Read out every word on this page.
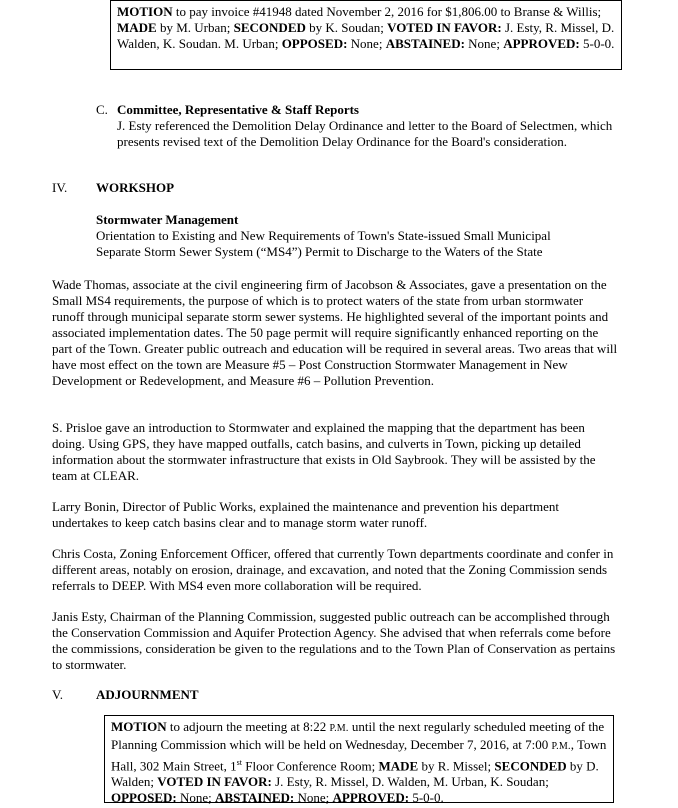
MOTION to pay invoice #41948 dated November 2, 2016 for $1,806.00 to Branse & Willis; MADE by M. Urban; SECONDED by K. Soudan; VOTED IN FAVOR: J. Esty, R. Missel, D. Walden, K. Soudan. M. Urban; OPPOSED: None; ABSTAINED: None; APPROVED: 5-0-0.

C. Committee, Representative & Staff Reports

J. Esty referenced the Demolition Delay Ordinance and letter to the Board of Selectmen, which presents revised text of the Demolition Delay Ordinance for the Board's consideration.

IV. WORKSHOP
Stormwater Management

Orientation to Existing and New Requirements of Town's State-issued Small Municipal Separate Storm Sewer System (“MS4”) Permit to Discharge to the Waters of the State

Wade Thomas, associate at the civil engineering firm of Jacobson & Associates, gave a presentation on the Small MS4 requirements, the purpose of which is to protect waters of the state from urban stormwater runoff through municipal separate storm sewer systems. He highlighted several of the important points and associated implementation dates. The 50 page permit will require significantly enhanced reporting on the part of the Town. Greater public outreach and education will be required in several areas. Two areas that will have most effect on the town are Measure #5 – Post Construction Stormwater Management in New Development or Redevelopment, and Measure #6 – Pollution Prevention.

S. Prisloe gave an introduction to Stormwater and explained the mapping that the department has been doing. Using GPS, they have mapped outfalls, catch basins, and culverts in Town, picking up detailed information about the stormwater infrastructure that exists in Old Saybrook. They will be assisted by the team at CLEAR.

Larry Bonin, Director of Public Works, explained the maintenance and prevention his department undertakes to keep catch basins clear and to manage storm water runoff.

Chris Costa, Zoning Enforcement Officer, offered that currently Town departments coordinate and confer in different areas, notably on erosion, drainage, and excavation, and noted that the Zoning Commission sends referrals to DEEP. With MS4 even more collaboration will be required.

Janis Esty, Chairman of the Planning Commission, suggested public outreach can be accomplished through the Conservation Commission and Aquifer Protection Agency. She advised that when referrals come before the commissions, consideration be given to the regulations and to the Town Plan of Conservation as pertains to stormwater.

V.	ADJOURNMENT

MOTION to adjourn the meeting at 8:22 P.M. until the next regularly scheduled meeting of the Planning Commission which will be held on Wednesday, December 7, 2016, at 7:00 P.M., Town Hall, 302 Main Street, 1st Floor Conference Room; MADE by R. Missel; SECONDED by D. Walden; VOTED IN FAVOR: J. Esty, R. Missel, D. Walden, M. Urban, K. Soudan; OPPOSED: None; ABSTAINED: None; APPROVED: 5-0-0.
